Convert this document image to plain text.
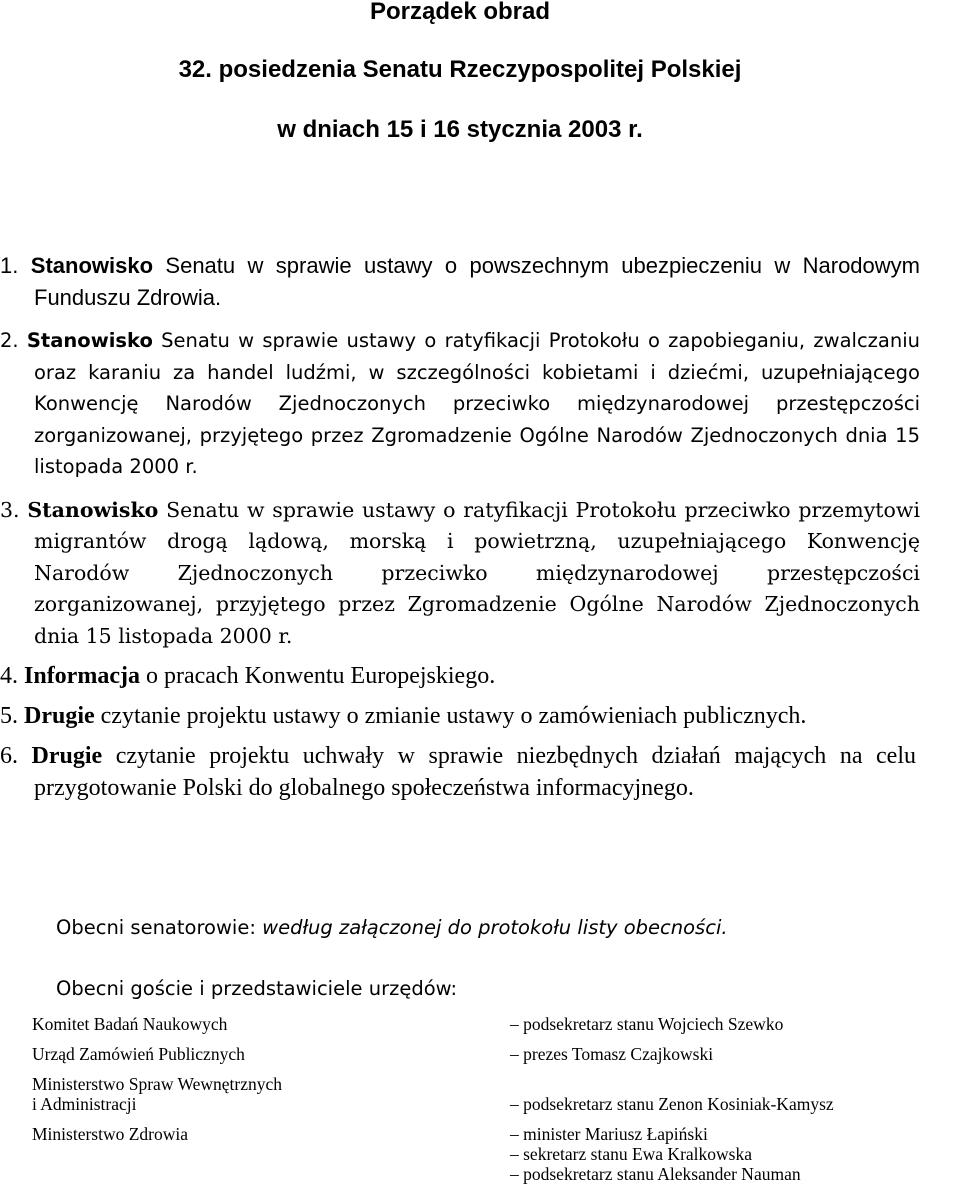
Porządek obrad
32. posiedzenia Senatu Rzeczypospolitej Polskiej
w dniach 15 i 16 stycznia 2003 r.
1. Stanowisko Senatu w sprawie ustawy o powszechnym ubezpieczeniu w Narodowym Funduszu Zdrowia.
2. Stanowisko Senatu w sprawie ustawy o ratyfikacji Protokołu o zapobieganiu, zwalczaniu oraz karaniu za handel ludźmi, w szczególności kobietami i dziećmi, uzupełniającego Konwencję Narodów Zjednoczonych przeciwko międzynarodowej przestępczości zorganizowanej, przyjętego przez Zgromadzenie Ogólne Narodów Zjednoczonych dnia 15 listopada 2000 r.
3. Stanowisko Senatu w sprawie ustawy o ratyfikacji Protokołu przeciwko przemytowi migrantów drogą lądową, morską i powietrzną, uzupełniającego Konwencję Narodów Zjednoczonych przeciwko międzynarodowej przestępczości zorganizowanej, przyjętego przez Zgromadzenie Ogólne Narodów Zjednoczonych dnia 15 listopada 2000 r.
4. Informacja o pracach Konwentu Europejskiego.
5. Drugie czytanie projektu ustawy o zmianie ustawy o zamówieniach publicznych.
6. Drugie czytanie projektu uchwały w sprawie niezbędnych działań mających na celu przygotowanie Polski do globalnego społeczeństwa informacyjnego.

Obecni senatorowie: według załączonej do protokołu listy obecności.

Obecni goście i przedstawiciele urzędów:

Komitet Badań Naukowych	– podsekretarz stanu Wojciech Szewko
Urząd Zamówień Publicznych	– prezes Tomasz Czajkowski
Ministerstwo Spraw Wewnętrznych
i Administracji	– podsekretarz stanu Zenon Kosiniak-Kamysz
Ministerstwo Zdrowia	– minister Mariusz Łapiński
– sekretarz stanu Ewa Kralkowska
– podsekretarz stanu Aleksander Nauman
